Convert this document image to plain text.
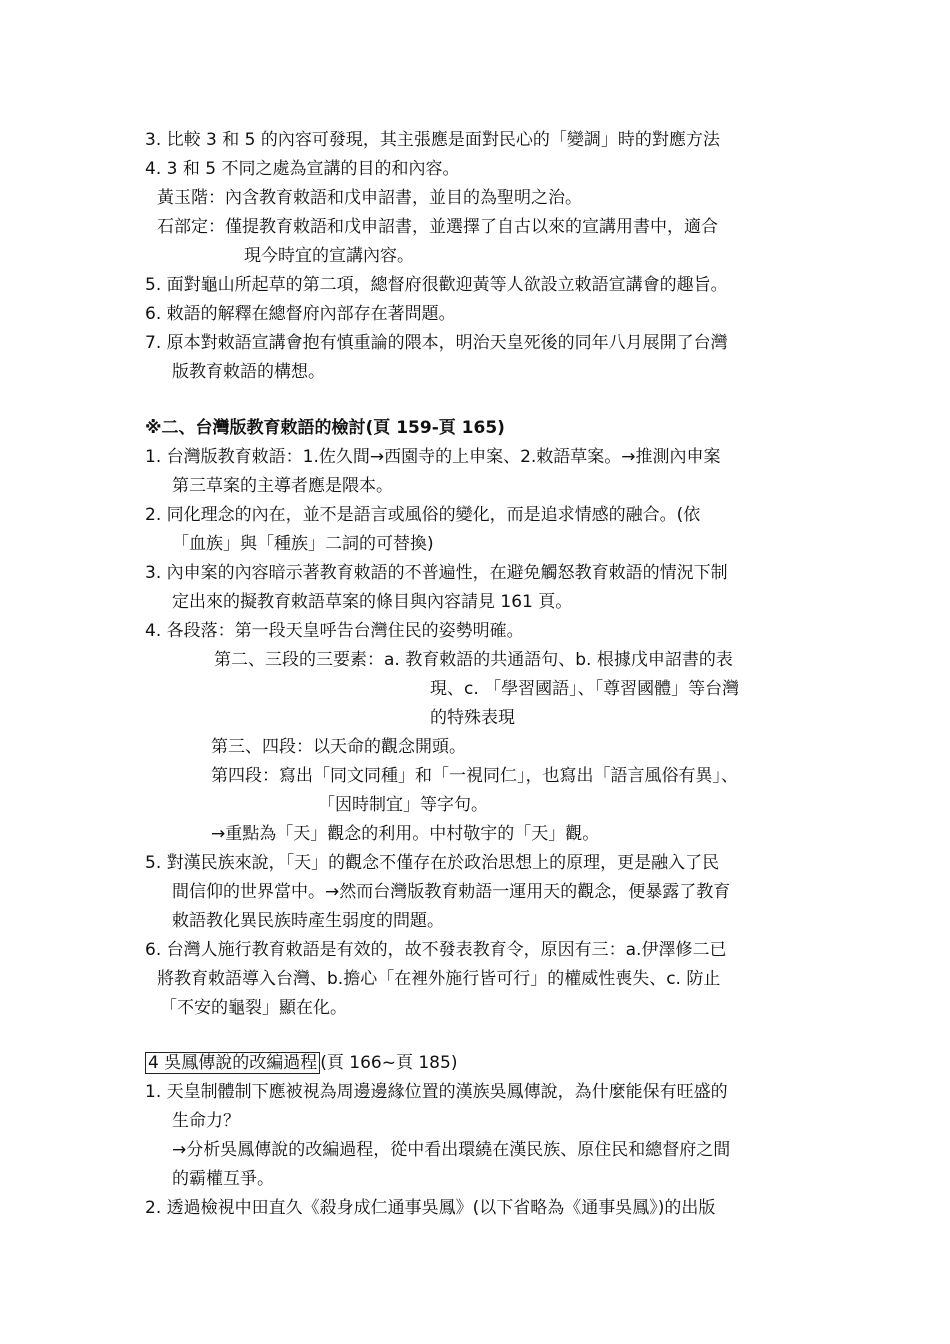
3. 比較 3 和 5 的內容可發現，其主張應是面對民心的「變調」時的對應方法
4. 3 和 5 不同之處為宣講的目的和內容。
黃玉階：內含教育敕語和戊申詔書，並目的為聖明之治。
石部定：僅提教育敕語和戊申詔書，並選擇了自古以來的宣講用書中，適合
現今時宜的宣講內容。
5. 面對龜山所起草的第二項，總督府很歡迎黃等人欲設立敕語宣講會的趣旨。
6. 敕語的解釋在總督府內部存在著問題。
7. 原本對敕語宣講會抱有慎重論的隈本，明治天皇死後的同年八月展開了台灣
版教育敕語的構想。
※二、台灣版教育敕語的檢討(頁 159-頁 165)
1. 台灣版教育敕語：1.佐久間→西園寺的上申案、2.敕語草案。→推測內申案
第三草案的主導者應是隈本。
2. 同化理念的內在，並不是語言或風俗的變化，而是追求情感的融合。(依
「血族」與「種族」二詞的可替換)
3. 內申案的內容暗示著教育敕語的不普遍性，在避免觸怒教育敕語的情況下制
定出來的擬教育敕語草案的條目與內容請見 161 頁。
4. 各段落：第一段天皇呼告台灣住民的姿勢明確。
第二、三段的三要素：a. 教育敕語的共通語句、b. 根據戊申詔書的表
現、c. 「學習國語」、「尊習國體」等台灣
的特殊表現
第三、四段：以天命的觀念開頭。
第四段：寫出「同文同種」和「一視同仁」，也寫出「語言風俗有異」、
「因時制宜」等字句。
→重點為「天」觀念的利用。中村敬宇的「天」觀。
5. 對漢民族來說，「天」的觀念不僅存在於政治思想上的原理，更是融入了民
間信仰的世界當中。→然而台灣版教育勅語一運用天的觀念，便暴露了教育
敕語教化異民族時產生弱度的問題。
6. 台灣人施行教育敕語是有效的，故不發表教育令，原因有三：a.伊澤修二已
將教育敕語導入台灣、b.擔心「在裡外施行皆可行」的權威性喪失、c. 防止
「不安的龜裂」顯在化。
4 吳鳳傳說的改編過程 (頁 166~頁 185)
1. 天皇制體制下應被視為周邊邊緣位置的漢族吳鳳傳說，為什麼能保有旺盛的
生命力？
→分析吳鳳傳說的改編過程，從中看出環繞在漢民族、原住民和總督府之間
的霸權互爭。
2. 透過檢視中田直久《殺身成仁通事吳鳳》(以下省略為《通事吳鳳》)的出版
